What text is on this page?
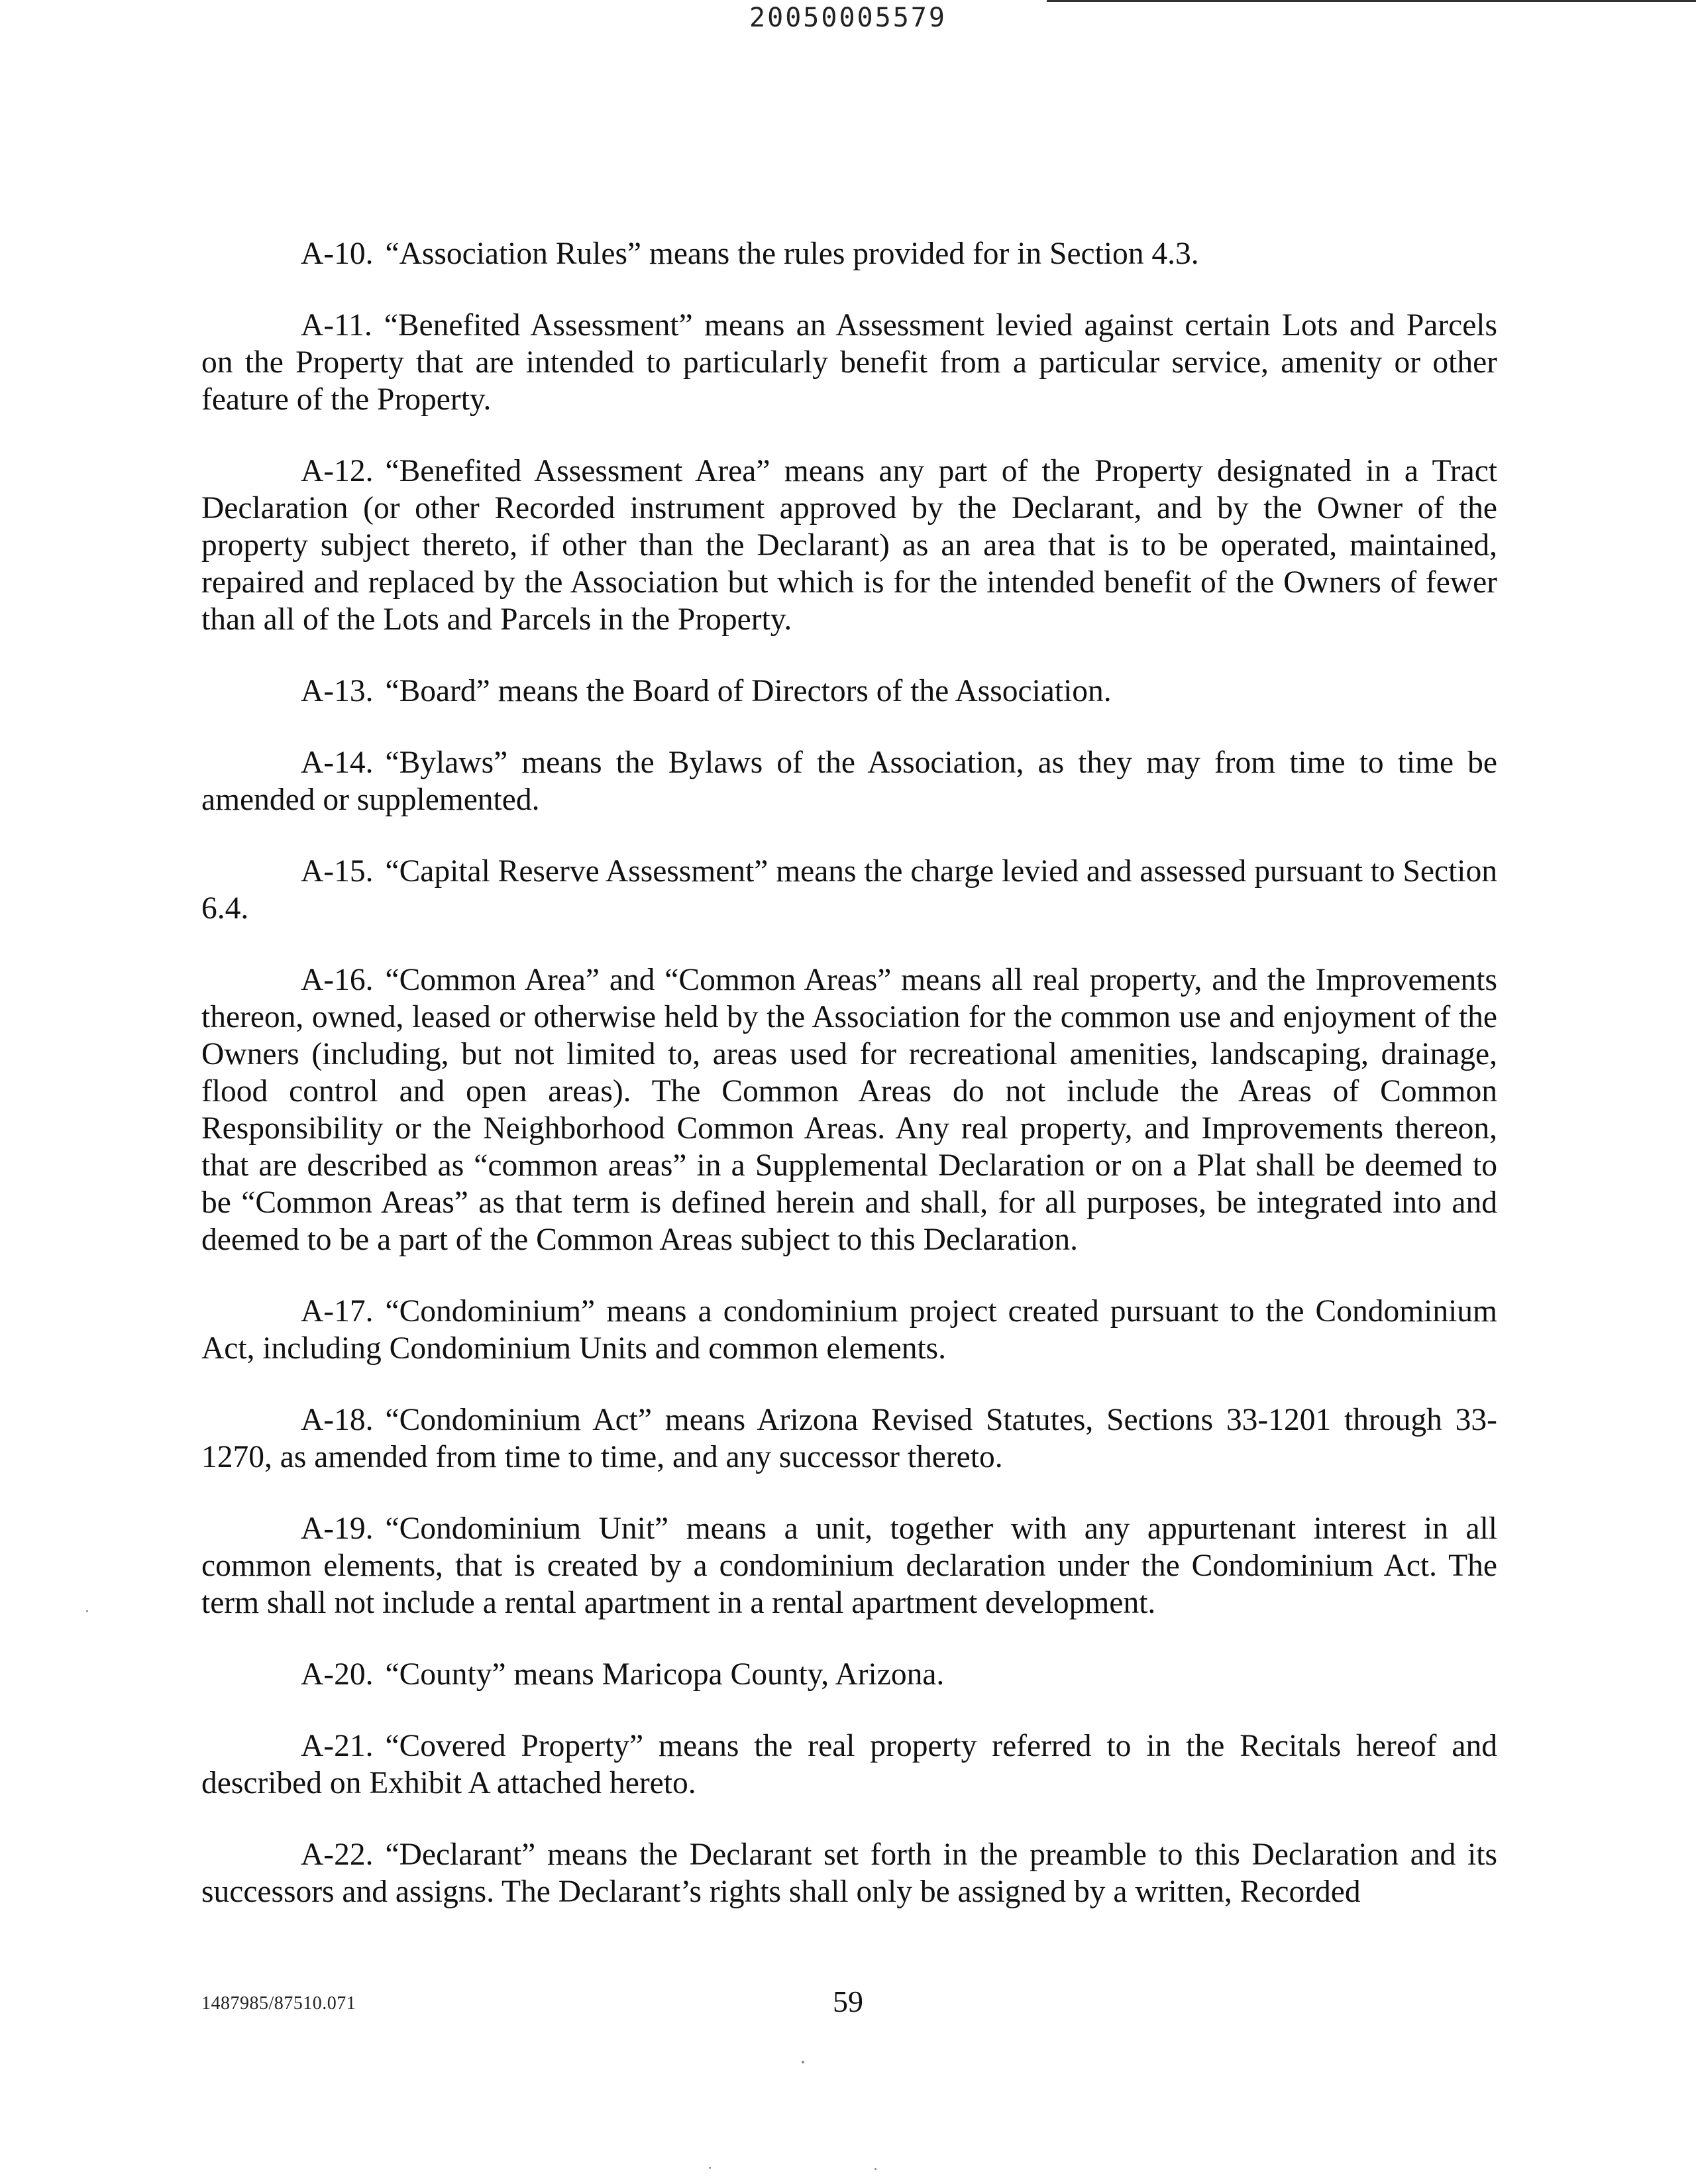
20050005579

A-10. “Association Rules” means the rules provided for in Section 4.3.

A-11. “Benefited Assessment” means an Assessment levied against certain Lots and Parcels on the Property that are intended to particularly benefit from a particular service, amenity or other feature of the Property.

A-12. “Benefited Assessment Area” means any part of the Property designated in a Tract Declaration (or other Recorded instrument approved by the Declarant, and by the Owner of the property subject thereto, if other than the Declarant) as an area that is to be operated, maintained, repaired and replaced by the Association but which is for the intended benefit of the Owners of fewer than all of the Lots and Parcels in the Property.

A-13. “Board” means the Board of Directors of the Association.

A-14. “Bylaws” means the Bylaws of the Association, as they may from time to time be amended or supplemented.

A-15. “Capital Reserve Assessment” means the charge levied and assessed pursuant to Section 6.4.

A-16. “Common Area” and “Common Areas” means all real property, and the Improvements thereon, owned, leased or otherwise held by the Association for the common use and enjoyment of the Owners (including, but not limited to, areas used for recreational amenities, landscaping, drainage, flood control and open areas). The Common Areas do not include the Areas of Common Responsibility or the Neighborhood Common Areas. Any real property, and Improvements thereon, that are described as “common areas” in a Supplemental Declaration or on a Plat shall be deemed to be “Common Areas” as that term is defined herein and shall, for all purposes, be integrated into and deemed to be a part of the Common Areas subject to this Declaration.

A-17. “Condominium” means a condominium project created pursuant to the Condominium Act, including Condominium Units and common elements.

A-18. “Condominium Act” means Arizona Revised Statutes, Sections 33-1201 through 33-1270, as amended from time to time, and any successor thereto.

A-19. “Condominium Unit” means a unit, together with any appurtenant interest in all common elements, that is created by a condominium declaration under the Condominium Act. The term shall not include a rental apartment in a rental apartment development.

A-20. “County” means Maricopa County, Arizona.

A-21. “Covered Property” means the real property referred to in the Recitals hereof and described on Exhibit A attached hereto.

A-22. “Declarant” means the Declarant set forth in the preamble to this Declaration and its successors and assigns. The Declarant’s rights shall only be assigned by a written, Recorded

1487985/87510.071	59
